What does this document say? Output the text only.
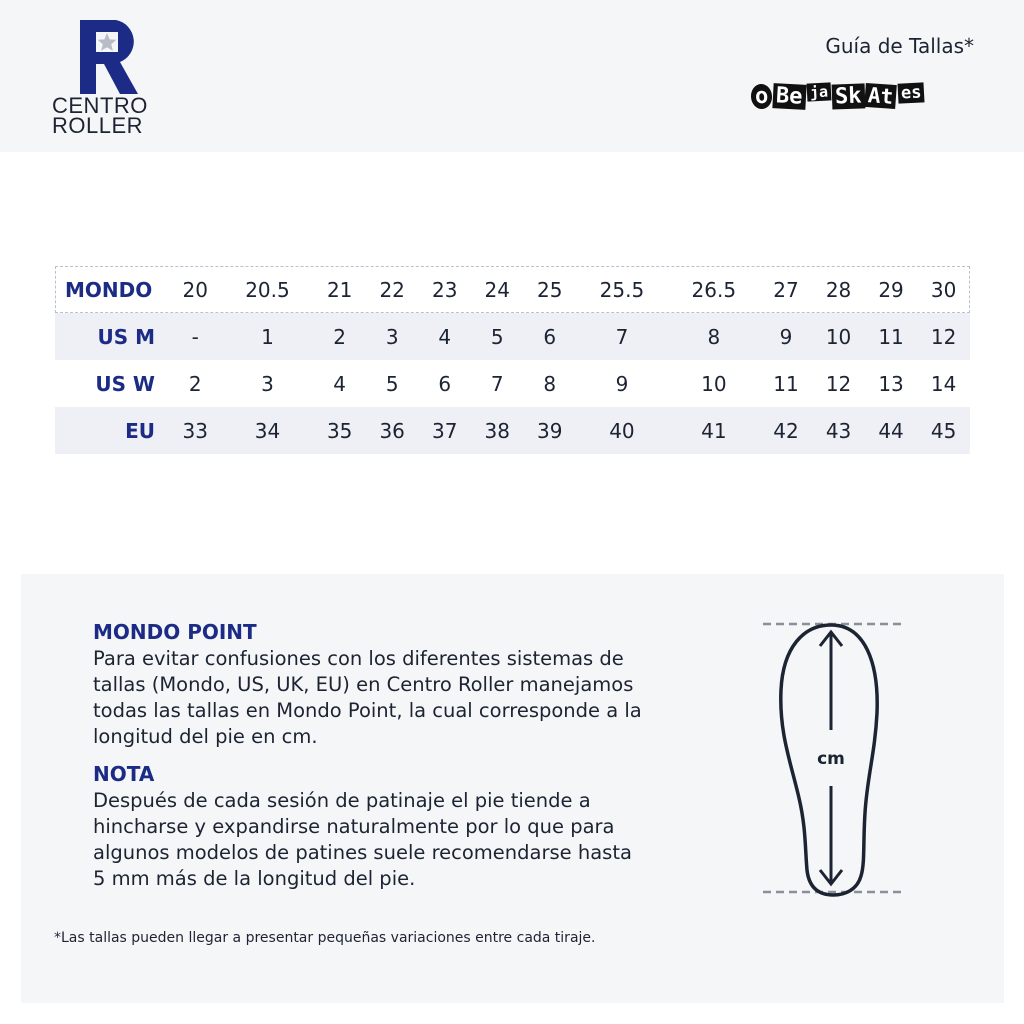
CENTRO
ROLLER
Guía de Tallas*
o Be ja Sk At es
MONDO	20	20.5	21	22	23	24	25	25.5	26.5	27	28	29	30
US M	-	1	2	3	4	5	6	7	8	9	10	11	12
US W	2	3	4	5	6	7	8	9	10	11	12	13	14
EU	33	34	35	36	37	38	39	40	41	42	43	44	45
MONDO POINT
Para evitar confusiones con los diferentes sistemas de
tallas (Mondo, US, UK, EU) en Centro Roller manejamos
todas las tallas en Mondo Point, la cual corresponde a la
longitud del pie en cm.
NOTA
Después de cada sesión de patinaje el pie tiende a
hincharse y expandirse naturalmente por lo que para
algunos modelos de patines suele recomendarse hasta
5 mm más de la longitud del pie.
*Las tallas pueden llegar a presentar pequeñas variaciones entre cada tiraje.
cm
